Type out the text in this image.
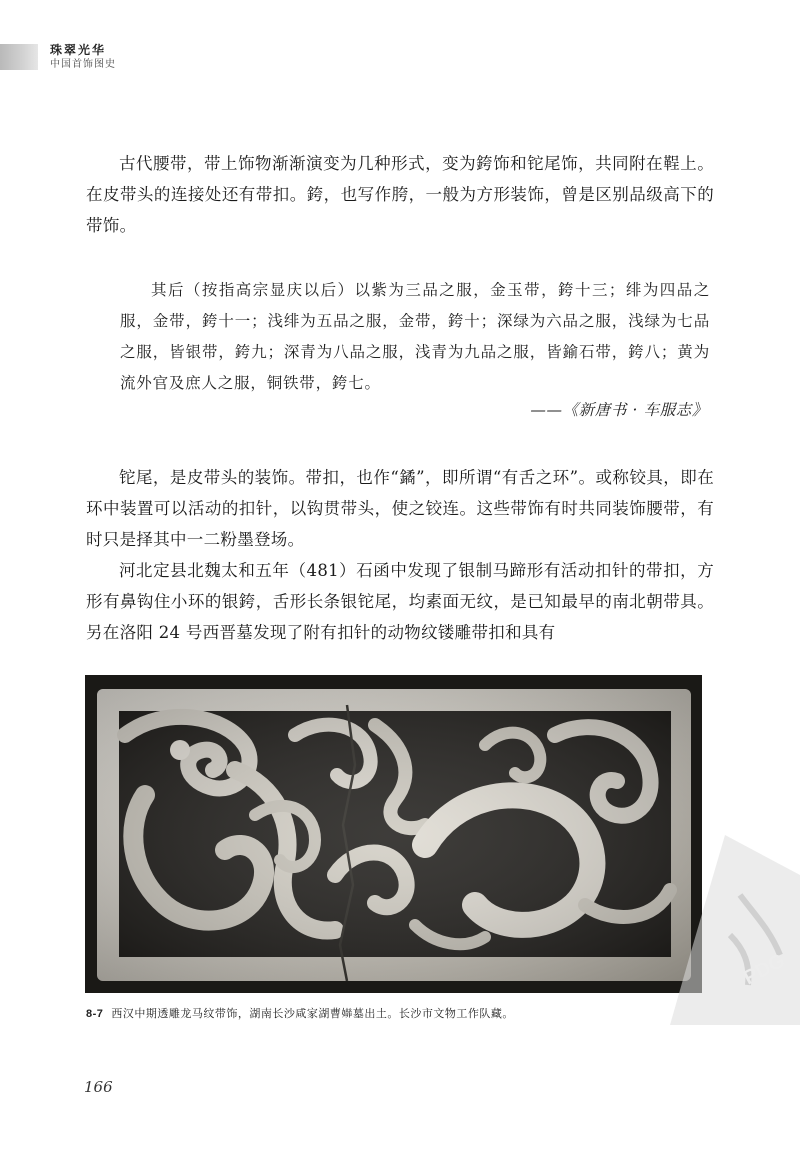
珠翠光华
中国首饰图史

古代腰带，带上饰物渐渐演变为几种形式，变为銙饰和铊尾饰，共同附在鞓上。在皮带头的连接处还有带扣。銙，也写作胯，一般为方形装饰，曾是区别品级高下的带饰。

其后（按指高宗显庆以后）以紫为三品之服，金玉带，銙十三；绯为四品之服，金带，銙十一；浅绯为五品之服，金带，銙十；深绿为六品之服，浅绿为七品之服，皆银带，銙九；深青为八品之服，浅青为九品之服，皆鍮石带，銙八；黄为流外官及庶人之服，铜铁带，銙七。

——《新唐书 · 车服志》

铊尾，是皮带头的装饰。带扣，也作“鐍”，即所谓“有舌之环”。或称铰具，即在环中装置可以活动的扣针，以钩贯带头，使之铰连。这些带饰有时共同装饰腰带，有时只是择其中一二粉墨登场。

河北定县北魏太和五年（481）石函中发现了银制马蹄形有活动扣针的带扣，方形有鼻钩住小环的银銙，舌形长条银铊尾，均素面无纹，是已知最早的南北朝带具。另在洛阳 24 号西晋墓发现了附有扣针的动物纹镂雕带扣和具有

8-7 西汉中期透雕龙马纹带饰，湖南长沙咸家湖曹𡠒墓出土。长沙市文物工作队藏。
PDG
166
